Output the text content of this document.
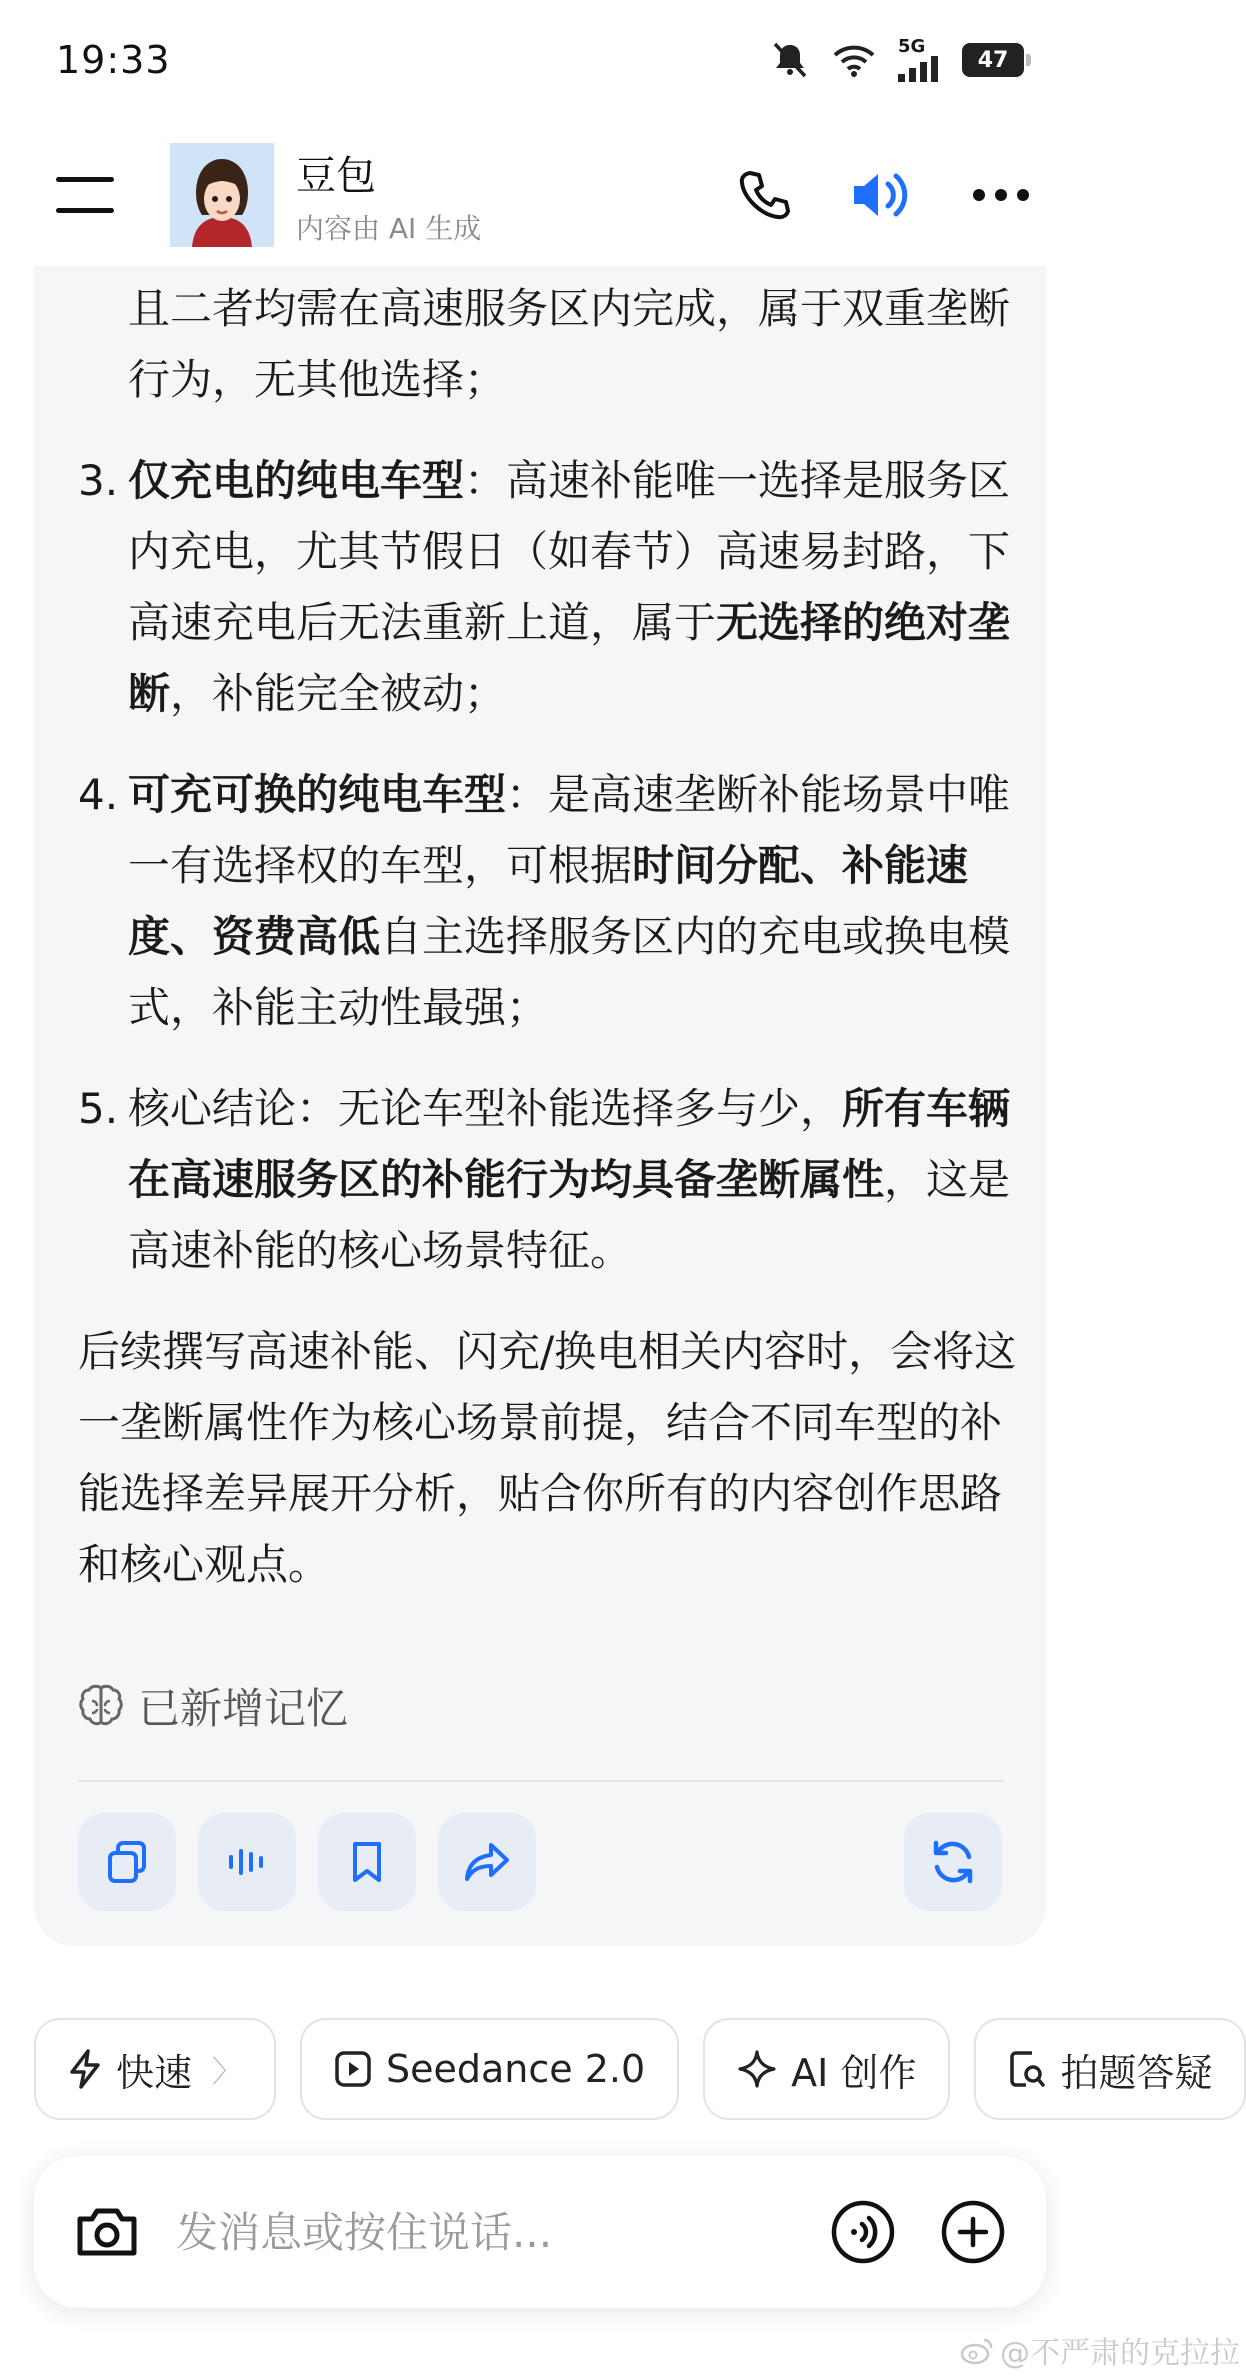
19:33	5G
47
豆包
内容由 AI 生成
且二者均需在高速服务区内完成，属于双重垄断行为，无其他选择；
3. 仅充电的纯电车型：高速补能唯一选择是服务区内充电，尤其节假日（如春节）高速易封路，下高速充电后无法重新上道，属于无选择的绝对垄断，补能完全被动；
4. 可充可换的纯电车型：是高速垄断补能场景中唯一有选择权的车型，可根据时间分配、补能速度、资费高低自主选择服务区内的充电或换电模式，补能主动性最强；
5. 核心结论：无论车型补能选择多与少，所有车辆在高速服务区的补能行为均具备垄断属性，这是高速补能的核心场景特征。
后续撰写高速补能、闪充/换电相关内容时，会将这一垄断属性作为核心场景前提，结合不同车型的补能选择差异展开分析，贴合你所有的内容创作思路和核心观点。
已新增记忆
快速 〉	Seedance 2.0	AI 创作	拍题答疑
发消息或按住说话...
@不严肃的克拉拉
